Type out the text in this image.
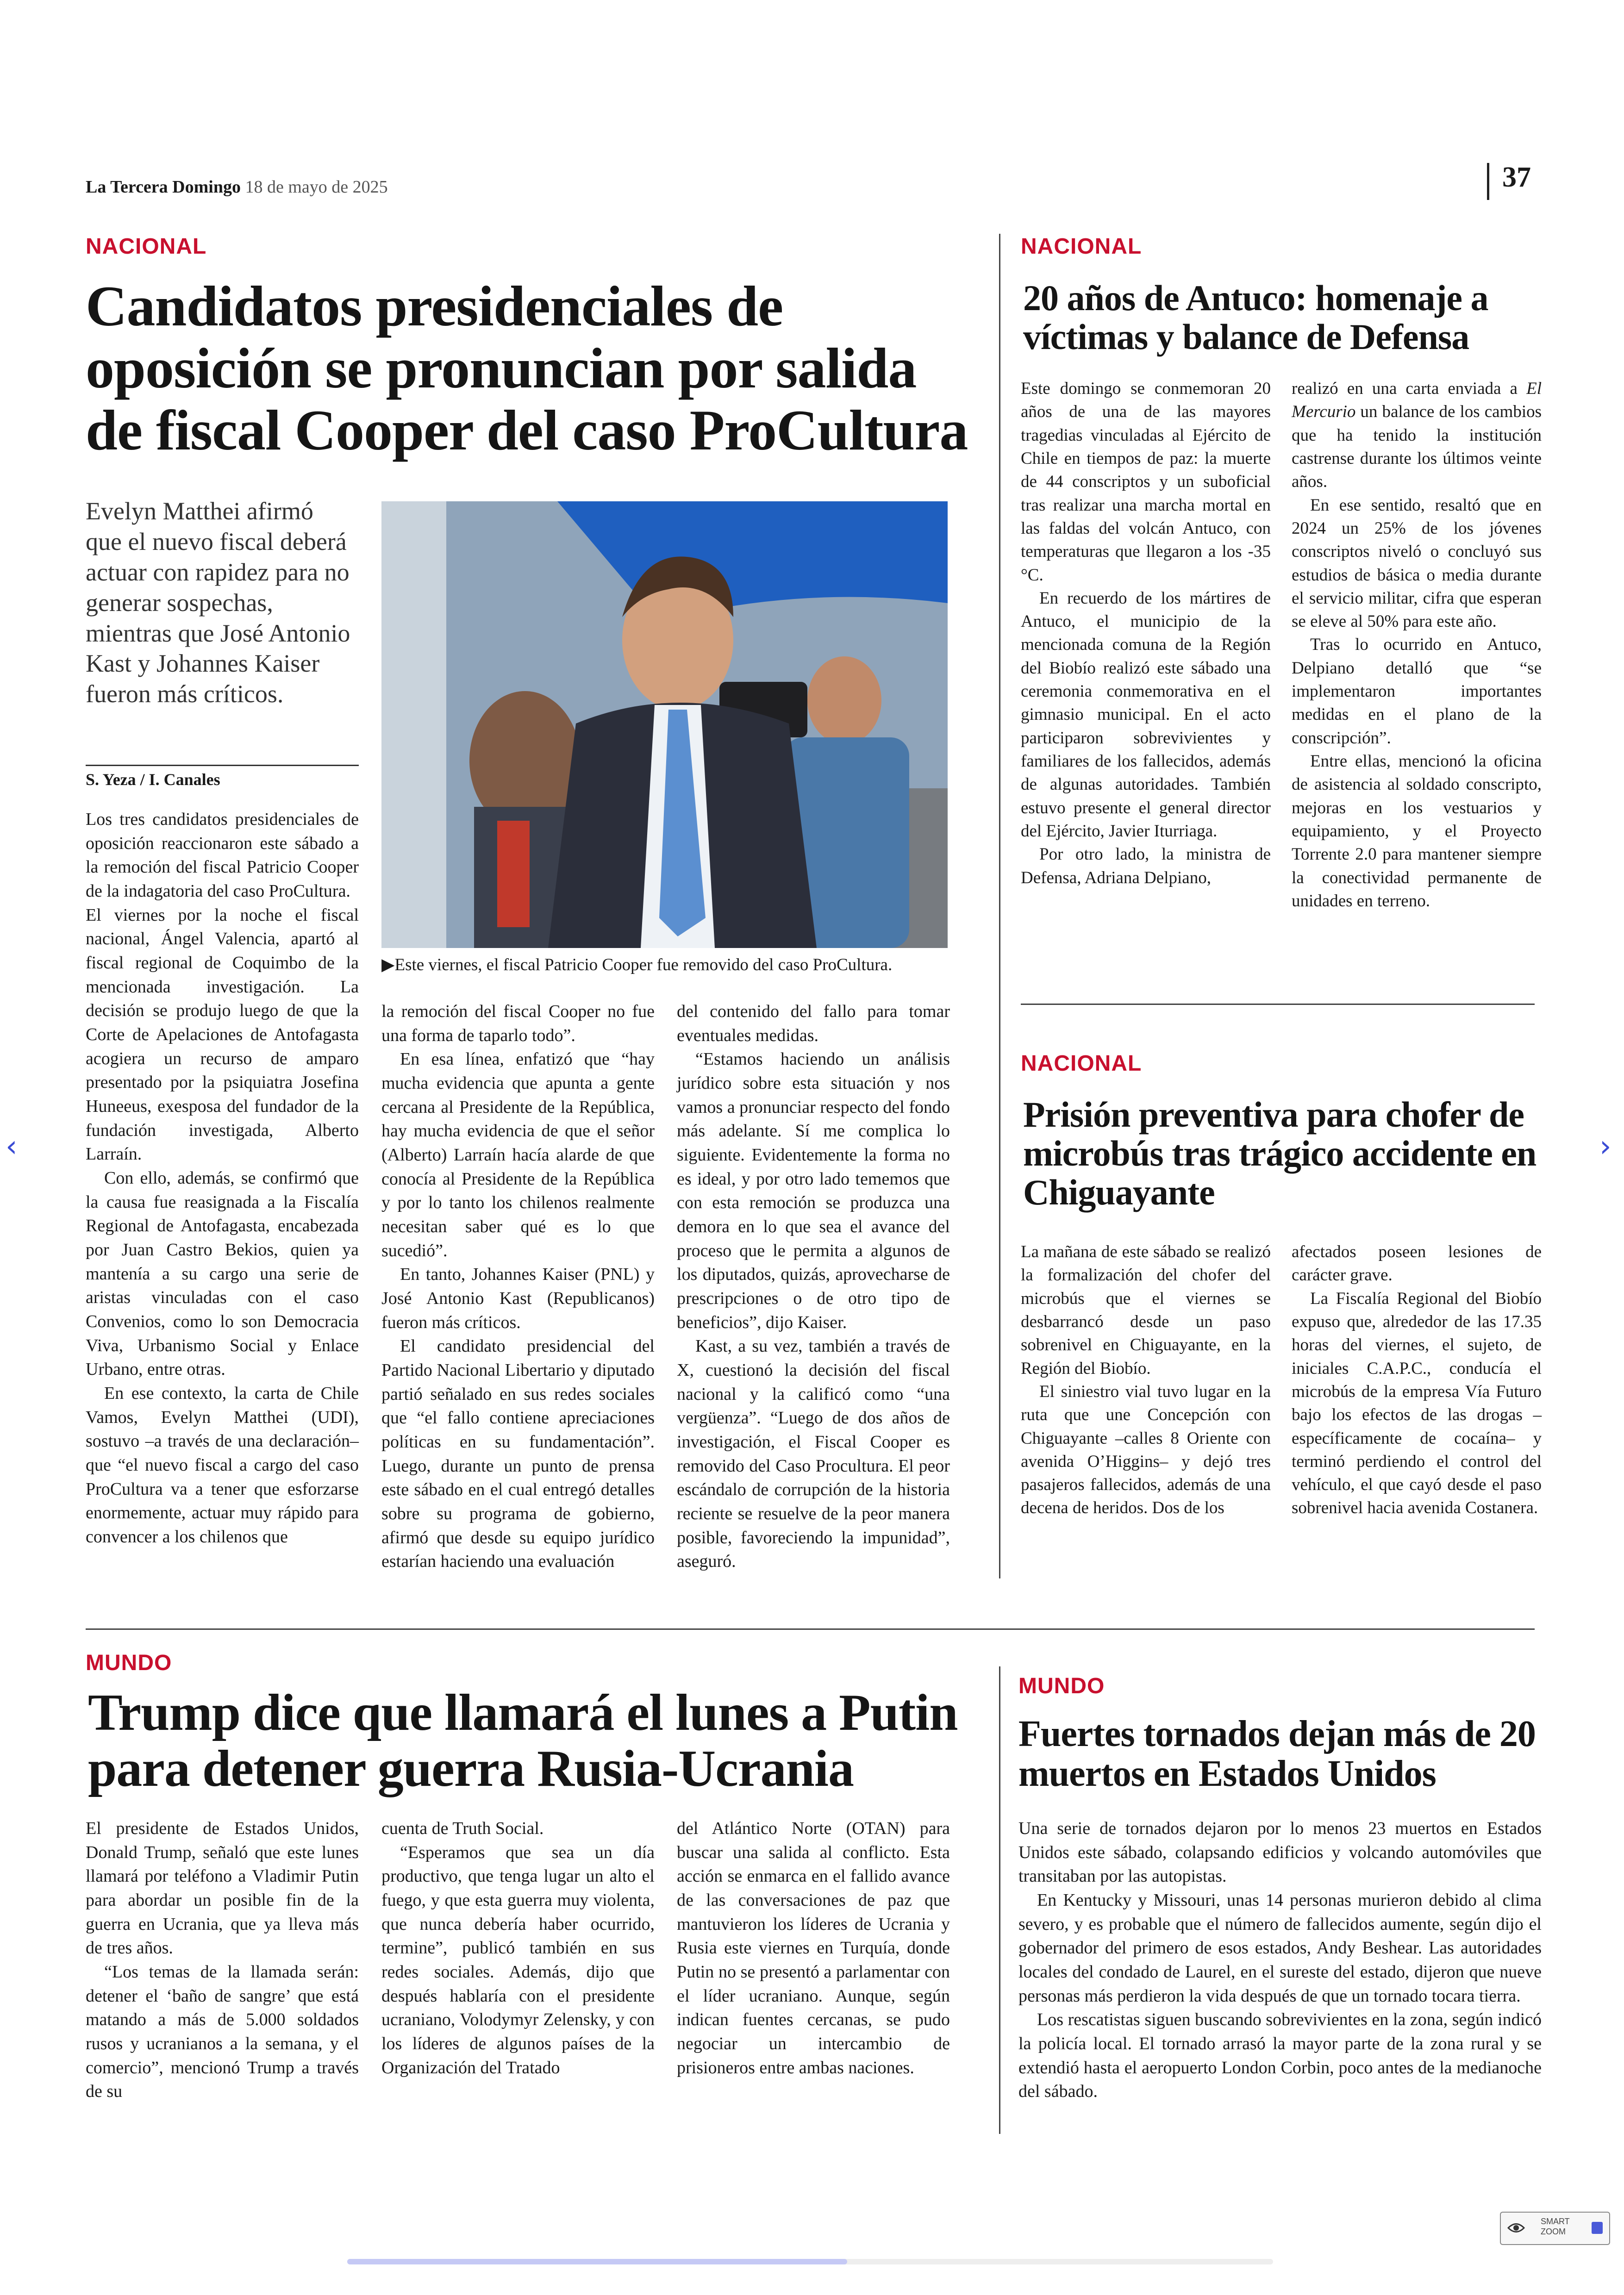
La Tercera Domingo 18 de mayo de 2025	37
NACIONAL
Candidatos presidenciales de oposición se pronuncian por salida de fiscal Cooper del caso ProCultura
Evelyn Matthei afirmó que el nuevo fiscal deberá actuar con rapidez para no generar sospechas, mientras que José Antonio Kast y Johannes Kaiser fueron más críticos.
S. Yeza / I. Canales

Los tres candidatos presidenciales de oposición reaccionaron este sábado a la remoción del fiscal Patricio Cooper de la indagatoria del caso ProCultura.

El viernes por la noche el fiscal nacional, Ángel Valencia, apartó al fiscal regional de Coquimbo de la mencionada investigación. La decisión se produjo luego de que la Corte de Apelaciones de Antofagasta acogiera un recurso de amparo presentado por la psiquiatra Josefina Huneeus, exesposa del fundador de la fundación investigada, Alberto Larraín.

Con ello, además, se confirmó que la causa fue reasignada a la Fiscalía Regional de Antofagasta, encabezada por Juan Castro Bekios, quien ya mantenía a su cargo una serie de aristas vinculadas con el caso Convenios, como lo son Democracia Viva, Urbanismo Social y Enlace Urbano, entre otras.

En ese contexto, la carta de Chile Vamos, Evelyn Matthei (UDI), sostuvo –a través de una declaración– que “el nuevo fiscal a cargo del caso ProCultura va a tener que esforzarse enormemente, actuar muy rápido para convencer a los chilenos que

▶Este viernes, el fiscal Patricio Cooper fue removido del caso ProCultura.

la remoción del fiscal Cooper no fue una forma de taparlo todo”.

En esa línea, enfatizó que “hay mucha evidencia que apunta a gente cercana al Presidente de la República, hay mucha evidencia de que el señor (Alberto) Larraín hacía alarde de que conocía al Presidente de la República y por lo tanto los chilenos realmente necesitan saber qué es lo que sucedió”.

En tanto, Johannes Kaiser (PNL) y José Antonio Kast (Republicanos) fueron más críticos.

El candidato presidencial del Partido Nacional Libertario y diputado partió señalado en sus redes sociales que “el fallo contiene apreciaciones políticas en su fundamentación”. Luego, durante un punto de prensa este sábado en el cual entregó detalles sobre su programa de gobierno, afirmó que desde su equipo jurídico estarían haciendo una evaluación

del contenido del fallo para tomar eventuales medidas.

“Estamos haciendo un análisis jurídico sobre esta situación y nos vamos a pronunciar respecto del fondo más adelante. Sí me complica lo siguiente. Evidentemente la forma no es ideal, y por otro lado tememos que con esta remoción se produzca una demora en lo que sea el avance del proceso que le permita a algunos de los diputados, quizás, aprovecharse de prescripciones o de otro tipo de beneficios”, dijo Kaiser.

Kast, a su vez, también a través de X, cuestionó la decisión del fiscal nacional y la calificó como “una vergüenza”. “Luego de dos años de investigación, el Fiscal Cooper es removido del Caso Procultura. El peor escándalo de corrupción de la historia reciente se resuelve de la peor manera posible, favoreciendo la impunidad”, aseguró.

NACIONAL
20 años de Antuco: homenaje a víctimas y balance de Defensa

Este domingo se conmemoran 20 años de una de las mayores tragedias vinculadas al Ejército de Chile en tiempos de paz: la muerte de 44 conscriptos y un suboficial tras realizar una marcha mortal en las faldas del volcán Antuco, con temperaturas que llegaron a los -35 °C.

En recuerdo de los mártires de Antuco, el municipio de la mencionada comuna de la Región del Biobío realizó este sábado una ceremonia conmemorativa en el gimnasio municipal. En el acto participaron sobrevivientes y familiares de los fallecidos, además de algunas autoridades. También estuvo presente el general director del Ejército, Javier Iturriaga.

Por otro lado, la ministra de Defensa, Adriana Delpiano,

realizó en una carta enviada a El Mercurio un balance de los cambios que ha tenido la institución castrense durante los últimos veinte años.

En ese sentido, resaltó que en 2024 un 25% de los jóvenes conscriptos niveló o concluyó sus estudios de básica o media durante el servicio militar, cifra que esperan se eleve al 50% para este año.

Tras lo ocurrido en Antuco, Delpiano detalló que “se implementaron importantes medidas en el plano de la conscripción”.

Entre ellas, mencionó la oficina de asistencia al soldado conscripto, mejoras en los vestuarios y equipamiento, y el Proyecto Torrente 2.0 para mantener siempre la conectividad permanente de unidades en terreno.

NACIONAL
Prisión preventiva para chofer de microbús tras trágico accidente en Chiguayante

La mañana de este sábado se realizó la formalización del chofer del microbús que el viernes se desbarrancó desde un paso sobrenivel en Chiguayante, en la Región del Biobío.

El siniestro vial tuvo lugar en la ruta que une Concepción con Chiguayante –calles 8 Oriente con avenida O’Higgins– y dejó tres pasajeros fallecidos, además de una decena de heridos. Dos de los

afectados poseen lesiones de carácter grave.

La Fiscalía Regional del Biobío expuso que, alrededor de las 17.35 horas del viernes, el sujeto, de iniciales C.A.P.C., conducía el microbús de la empresa Vía Futuro bajo los efectos de las drogas –específicamente de cocaína– y terminó perdiendo el control del vehículo, el que cayó desde el paso sobrenivel hacia avenida Costanera.

MUNDO
Trump dice que llamará el lunes a Putin para detener guerra Rusia-Ucrania

El presidente de Estados Unidos, Donald Trump, señaló que este lunes llamará por teléfono a Vladimir Putin para abordar un posible fin de la guerra en Ucrania, que ya lleva más de tres años.

“Los temas de la llamada serán: detener el ‘baño de sangre’ que está matando a más de 5.000 soldados rusos y ucranianos a la semana, y el comercio”, mencionó Trump a través de su

cuenta de Truth Social.

“Esperamos que sea un día productivo, que tenga lugar un alto el fuego, y que esta guerra muy violenta, que nunca debería haber ocurrido, termine”, publicó también en sus redes sociales. Además, dijo que después hablaría con el presidente ucraniano, Volodymyr Zelensky, y con los líderes de algunos países de la Organización del Tratado

del Atlántico Norte (OTAN) para buscar una salida al conflicto. Esta acción se enmarca en el fallido avance de las conversaciones de paz que mantuvieron los líderes de Ucrania y Rusia este viernes en Turquía, donde Putin no se presentó a parlamentar con el líder ucraniano. Aunque, según indican fuentes cercanas, se pudo negociar un intercambio de prisioneros entre ambas naciones.

MUNDO
Fuertes tornados dejan más de 20 muertos en Estados Unidos

Una serie de tornados dejaron por lo menos 23 muertos en Estados Unidos este sábado, colapsando edificios y volcando automóviles que transitaban por las autopistas.

En Kentucky y Missouri, unas 14 personas murieron debido al clima severo, y es probable que el número de fallecidos aumente, según dijo el gobernador del primero de esos estados, Andy Beshear. Las autoridades locales del condado de Laurel, en el sureste del estado, dijeron que nueve personas más perdieron la vida después de que un tornado tocara tierra.

Los rescatistas siguen buscando sobrevivientes en la zona, según indicó la policía local. El tornado arrasó la mayor parte de la zona rural y se extendió hasta el aeropuerto London Corbin, poco antes de la medianoche del sábado.

‹	›
SMART
ZOOM
